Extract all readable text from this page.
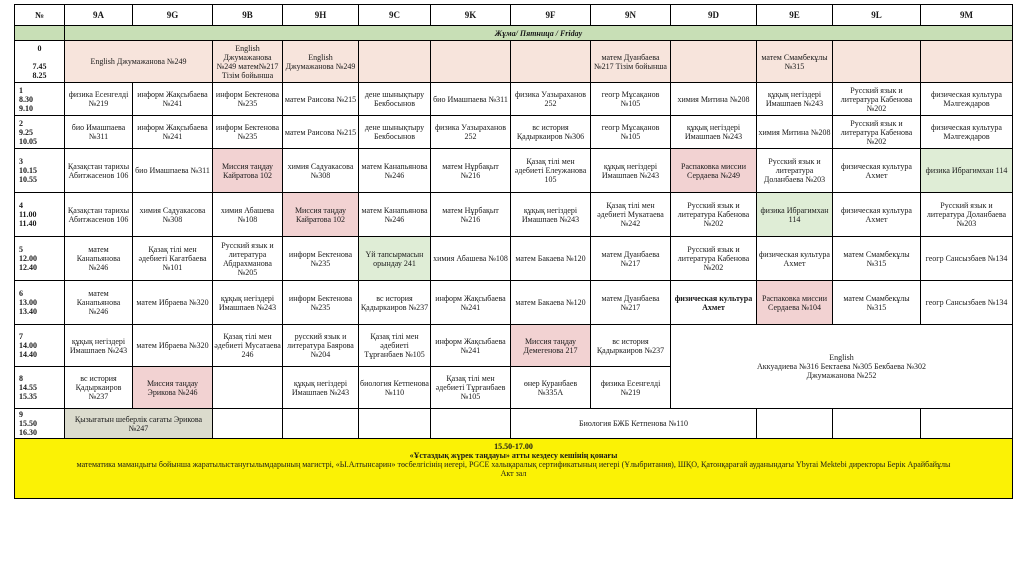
№	9A	9G	9B	9H	9C	9K	9F	9N	9D	9E	9L	9M
	Жұма/ Пятница / Friday											
0

7.45
8.25	English Джумажанова №249		English Джумажанова №249 матем№217 Тізім бойынша	English Джумажанова №249				матем Дуанбаева №217 Тізім бойынша		матем Смамбекұлы №315		
1
8.30
9.10	физика Есенгелді №219	информ Жақсыбаева №241	информ Бектенова №235	матем Раисова №215	дене шынықтыру Бекбосынов	био Имашпаева №311	физика Уазыраханов 252	геогр Мұсақанов №105	химия Митина №208	құқық негіздері Имашпаев №243	Русский язык и литература Кабенова №202	физическая культура Мәлгеждаров
2
9.25
10.05	био Имашпаева №311	информ Жақсыбаева №241	информ Бектенова №235	матем Раисова №215	дене шынықтыру Бекбосынов	физика Уазыраханов 252	вс история Қадыркаиров №306	геогр Мұсақанов №105	құқық негіздері Имашпаев №243	химия Митина №208	Русский язык и литература Кабенова №202	физическая культура Мәлгеждаров
3
10.15
10.55	Қазақстан тарихы Абитжасенов 106	био Имашпаева №311	Миссия таңдау Кайратова 102	химия Садуакасова №308	матем Канапьянова №246	матем Нұрбақыт №216	Қазақ тілі мен әдебиеті Елеужанова 105	құқық негіздері Имашпаев №243	Распаковка миссии Сердаева №249	Русский язык и литература Доланбаева №203	физическая культура Ахмет	физика Ибрагимхан 114
4
11.00
11.40	Қазақстан тарихы Абитжасенов 106	химия Садуакасова №308	химия Абашева №108	Миссия таңдау Кайратова 102	матем Канапьянова №246	матем Нұрбақыт №216	құқық негіздері Имашпаев №243	Қазақ тілі мен әдебиеті Мукатаева №242	Русский язык и литература Кабенова №202	физика Ибрагимхан 114	физическая культура Ахмет	Русский язык и литература Доланбаева №203
5
12.00
12.40	матем Канапьянова №246	Қазақ тілі мен әдебиеті Кагатбаева №101	Русский язык и литература Абдрахманова №205	информ Бектенова №235	Үй тапсырмасын орындау 241	химия Абашева №108	матем Бакаева №120	матем Дуанбаева №217	Русский язык и литература Кабенова №202	физическая культура Ахмет	матем Смамбекұлы №315	геогр Сансызбаев №134
6
13.00
13.40	матем Канапьянова №246	матем Ибраева №320	құқық негіздері Имашпаев №243	информ Бектенова №235	вс история Қадыркаиров №237	информ Жақсыбаева №241	матем Бакаева №120	матем Дуанбаева №217	физическая культура Ахмет	Распаковка миссии Сердаева №104	матем Смамбекұлы №315	геогр Сансызбаев №134
7
14.00
14.40	құқық негіздері Имашпаев №243	матем Ибраева №320	Қазақ тілі мен әдебиеті Мусатаева 246	русский язык и литература Баярова №204	Қазақ тілі мен әдебиеті Тұрғанбаев №105	информ Жақсыбаева №241	Миссия таңдау Демегенова 217	вс история Қадыркаиров №237	English
Аккуадиева №316 Бектаева №305 Бекбаева №302
Джумажанова №252			
8
14.55
15.35	вс история Қадыркаиров №237	Миссия таңдау Эрикова №246		құқық негіздері Имашпаев №243	биология Кетпенова №110	Қазақ тілі мен әдебиеті Тұрғанбаев №105	өнер Куранбаев №335А	физика Есенгелді №219				
9
15.50
16.30	Қызығатын шеберлік сағаты Эрикова №247						Биология БЖБ Кетпенова №110					
15.50-17.00
«Ұстаздық жүрек таңдауы» атты кездесу кешінің қонағы
математика мамандығы бойынша жаратылыстануғылымдарының магистрі, «Ы.Алтынсарин» төсбелгісінің иегері, PGCE халықаралық сертификатының иегері (Ұлыбритания), ШҚО, Қатонқарағай ауданындағы Ybyrai Mektebi директоры Берік Арайбайұлы
Акт зал												
